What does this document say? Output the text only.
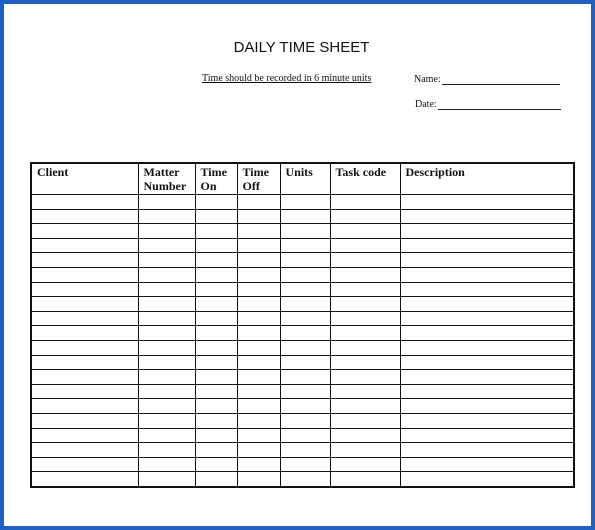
DAILY TIME SHEET
Time should be recorded in 6 minute units	Name:
Date:
Client	Matter Number	Time On	Time Off	Units	Task code	Description
